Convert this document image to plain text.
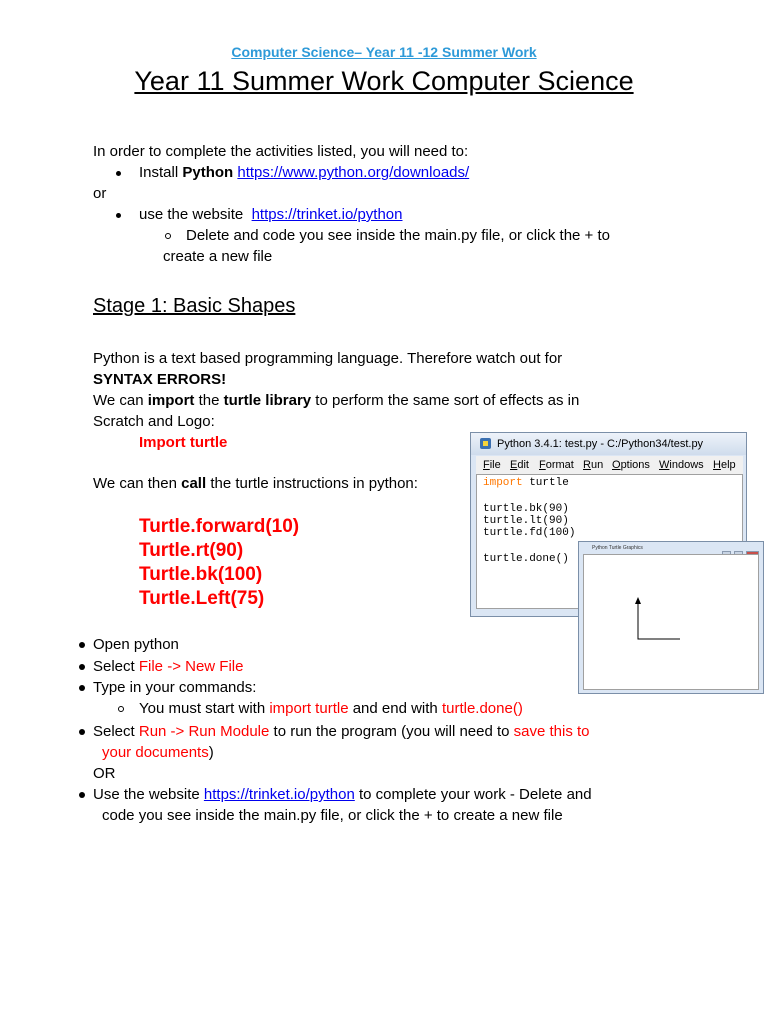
Computer Science– Year 11 -12 Summer Work
Year 11 Summer Work Computer Science
In order to complete the activities listed, you will need to:
Install Python https://www.python.org/downloads/
or
use the website https://trinket.io/python
Delete and code you see inside the main.py file, or click the + to
create a new file
Stage 1: Basic Shapes
Python is a text based programming language. Therefore watch out for
SYNTAX ERRORS!
We can import the turtle library to perform the same sort of effects as in
Scratch and Logo:
Import turtle
We can then call the turtle instructions in python:
Turtle.forward(10)
Turtle.rt(90)
Turtle.bk(100)
Turtle.Left(75)
Python 3.4.1: test.py - C:/Python34/test.py
File Edit Format Run Options Windows Help
import turtle
turtle.bk(90)
turtle.lt(90)
turtle.fd(100)
turtle.done()
Python Turtle Graphics
Open python
Select File -> New File
Type in your commands:
You must start with import turtle and end with turtle.done()
Select Run -> Run Module to run the program (you will need to save this to
your documents)
OR
Use the website https://trinket.io/python to complete your work - Delete and
code you see inside the main.py file, or click the + to create a new file
